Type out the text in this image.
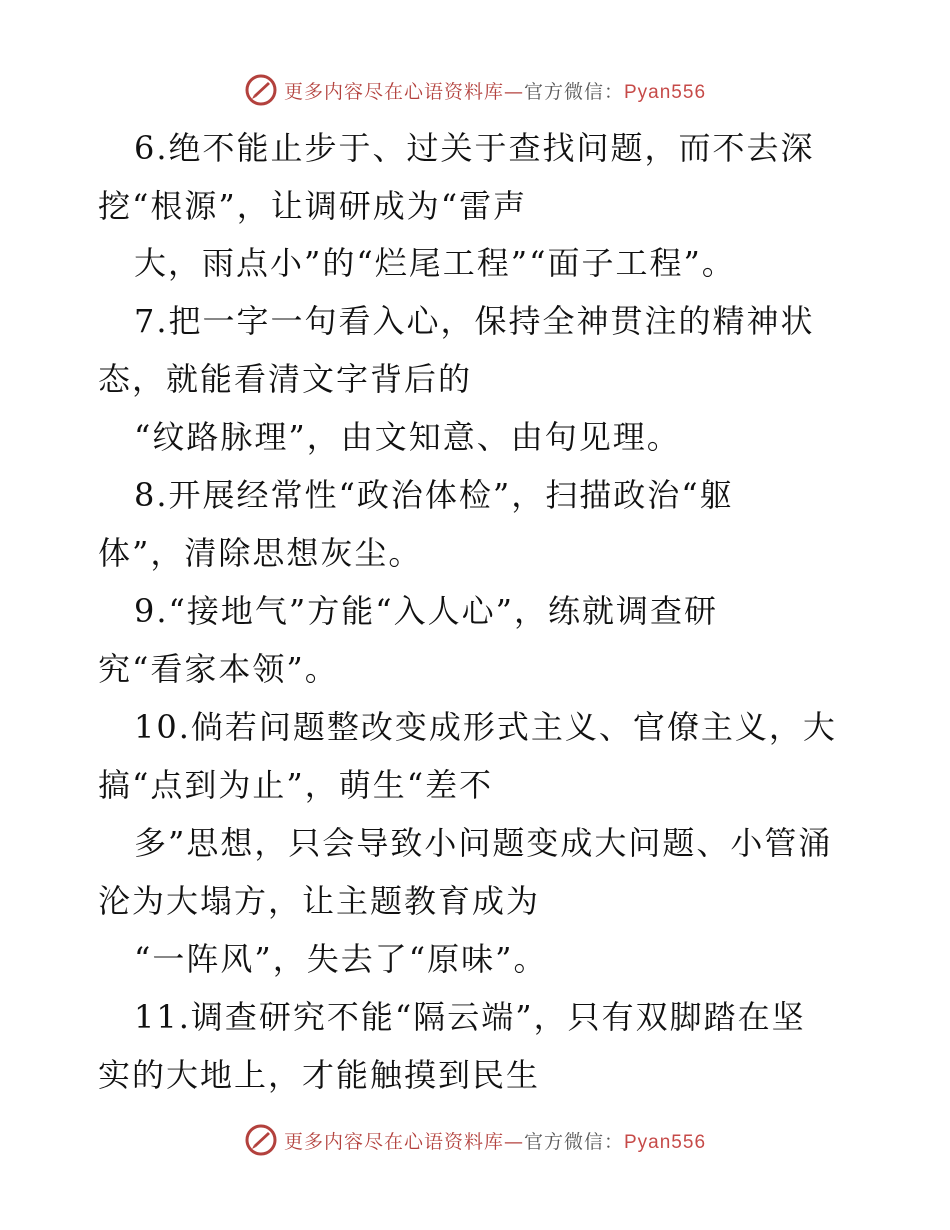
更多内容尽在心语资料库—官方微信：Pyan556
6.绝不能止步于、过关于查找问题，而不去深
挖“根源”，让调研成为“雷声
大，雨点小”的“烂尾工程”“面子工程”。
7.把一字一句看入心，保持全神贯注的精神状
态，就能看清文字背后的
“纹路脉理”，由文知意、由句见理。
8.开展经常性“政治体检”，扫描政治“躯
体”，清除思想灰尘。
9.“接地气”方能“入人心”，练就调查研
究“看家本领”。
10.倘若问题整改变成形式主义、官僚主义，大
搞“点到为止”，萌生“差不
多”思想，只会导致小问题变成大问题、小管涌
沦为大塌方，让主题教育成为
“一阵风”，失去了“原味”。
11.调查研究不能“隔云端”，只有双脚踏在坚
实的大地上，才能触摸到民生
更多内容尽在心语资料库—官方微信：Pyan556
